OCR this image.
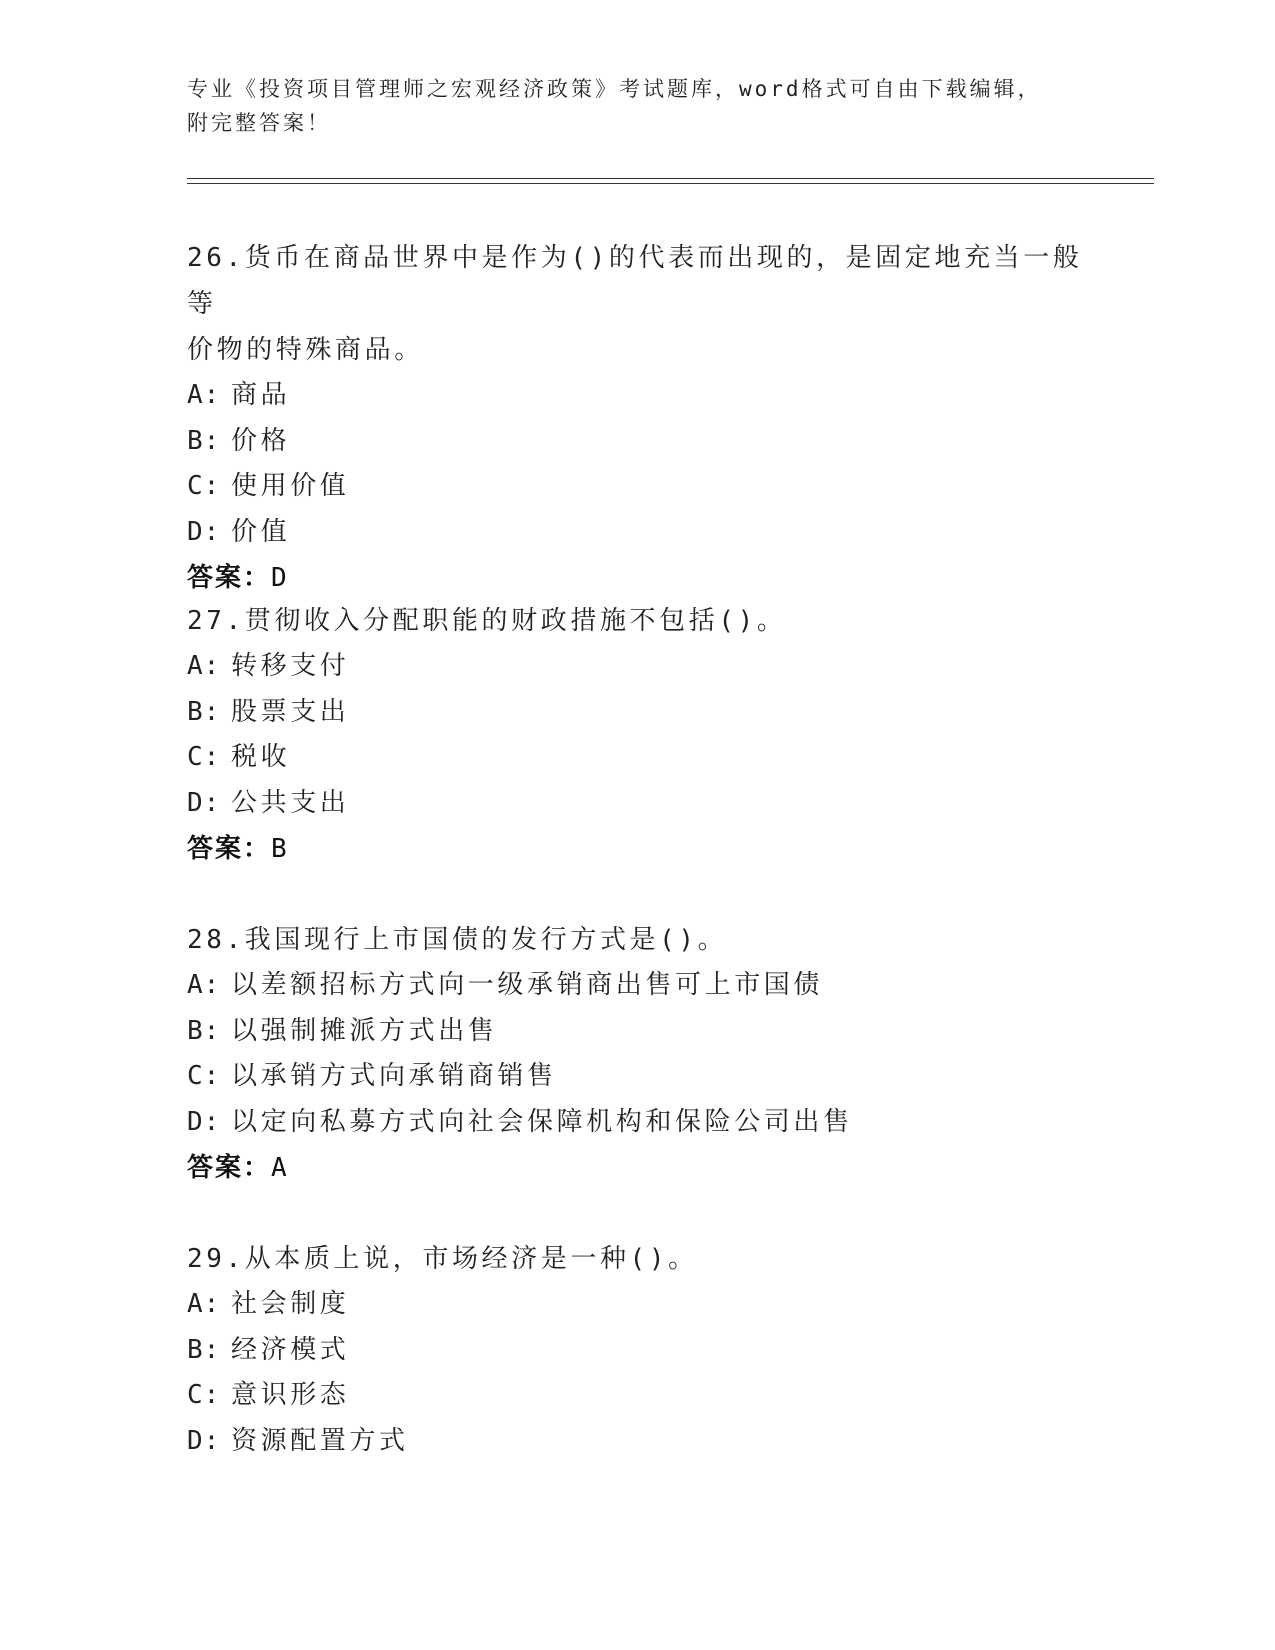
专业《投资项目管理师之宏观经济政策》考试题库，word格式可自由下载编辑，
附完整答案！

26.货币在商品世界中是作为()的代表而出现的，是固定地充当一般等
价物的特殊商品。

A: 商品

B: 价格

C: 使用价值

D: 价值

答案：D

27.贯彻收入分配职能的财政措施不包括()。

A: 转移支付

B: 股票支出

C: 税收

D: 公共支出

答案：B

28.我国现行上市国债的发行方式是()。

A: 以差额招标方式向一级承销商出售可上市国债

B: 以强制摊派方式出售

C: 以承销方式向承销商销售

D: 以定向私募方式向社会保障机构和保险公司出售

答案：A

29.从本质上说，市场经济是一种()。

A: 社会制度

B: 经济模式

C: 意识形态

D: 资源配置方式
